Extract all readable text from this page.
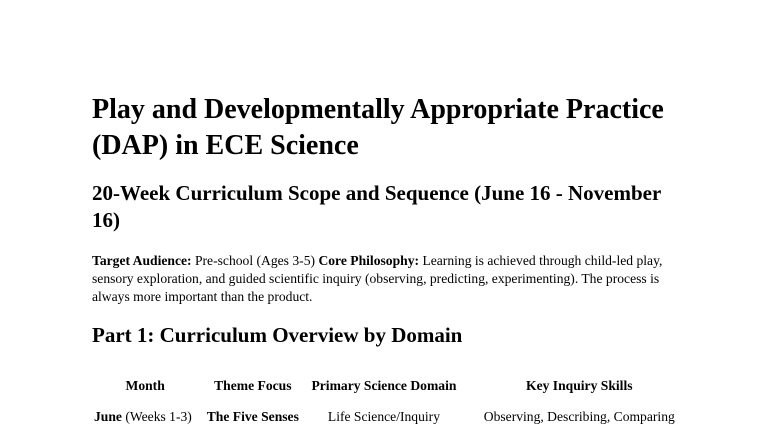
Play and Developmentally Appropriate Practice (DAP) in ECE Science
20-Week Curriculum Scope and Sequence (June 16 - November 16)

Target Audience: Pre-school (Ages 3-5) Core Philosophy: Learning is achieved through child-led play, sensory exploration, and guided scientific inquiry (observing, predicting, experimenting). The process is always more important than the product.

Part 1: Curriculum Overview by Domain
Month	Theme Focus	Primary Science Domain	Key Inquiry Skills
June (Weeks 1-3)	The Five Senses	Life Science/Inquiry	Observing, Describing, Comparing
